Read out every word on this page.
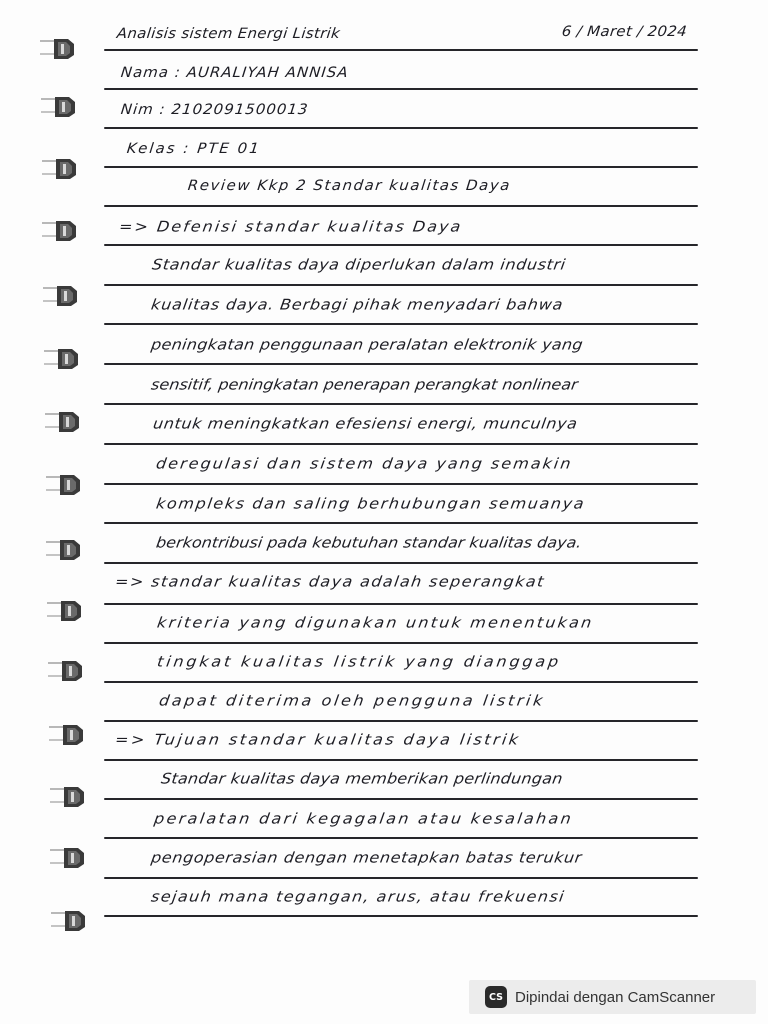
Analisis sistem Energi Listrik	6 / Maret / 2024
Nama : AURALIYAH ANNISA
Nim : 2102091500013
Kelas : PTE 01
Review Kkp 2 Standar kualitas Daya
=> Defenisi standar kualitas Daya
Standar kualitas daya diperlukan dalam industri
kualitas daya. Berbagi pihak menyadari bahwa
peningkatan penggunaan peralatan elektronik yang
sensitif, peningkatan penerapan perangkat nonlinear
untuk meningkatkan efesiensi energi, munculnya
deregulasi dan sistem daya yang semakin
kompleks dan saling berhubungan semuanya
berkontribusi pada kebutuhan standar kualitas daya.
=> standar kualitas daya adalah seperangkat
kriteria yang digunakan untuk menentukan
tingkat kualitas listrik yang dianggap
dapat diterima oleh pengguna listrik
=> Tujuan standar kualitas daya listrik
Standar kualitas daya memberikan perlindungan
peralatan dari kegagalan atau kesalahan
pengoperasian dengan menetapkan batas terukur
sejauh mana tegangan, arus, atau frekuensi
CS Dipindai dengan CamScanner
